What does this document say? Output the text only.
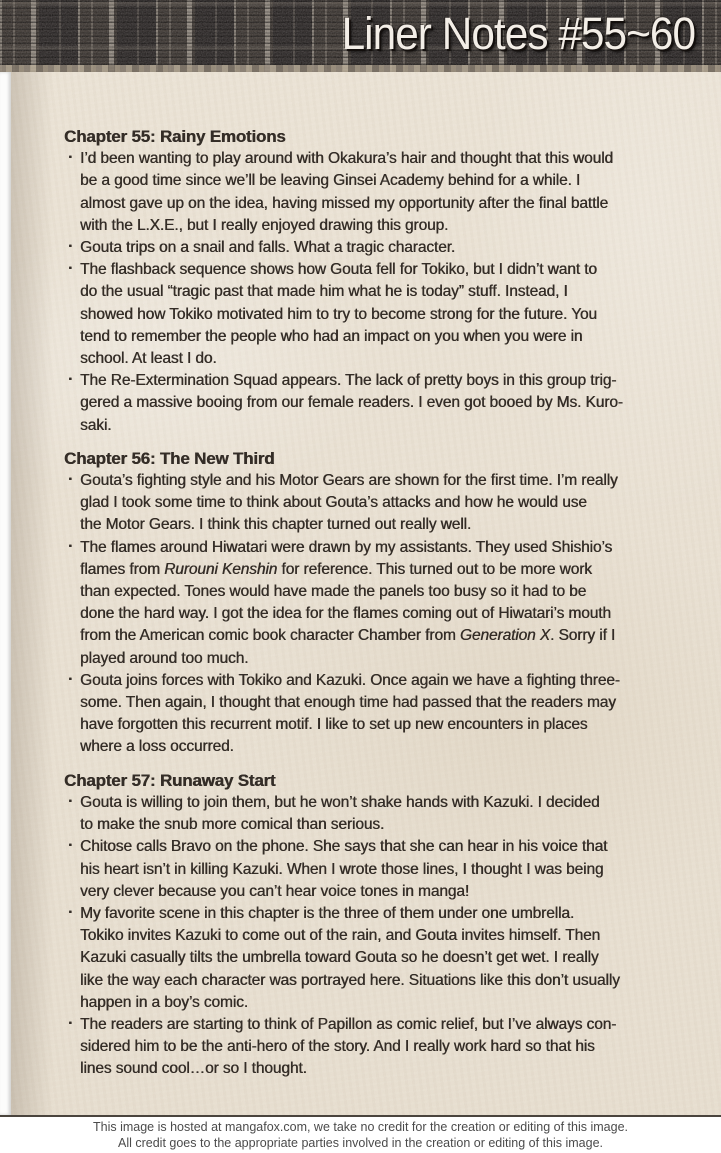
Liner Notes #55~60
Chapter 55: Rainy Emotions
· I’d been wanting to play around with Okakura’s hair and thought that this would
be a good time since we’ll be leaving Ginsei Academy behind for a while. I
almost gave up on the idea, having missed my opportunity after the final battle
with the L.X.E., but I really enjoyed drawing this group.
· Gouta trips on a snail and falls. What a tragic character.
· The flashback sequence shows how Gouta fell for Tokiko, but I didn’t want to
do the usual “tragic past that made him what he is today” stuff. Instead, I
showed how Tokiko motivated him to try to become strong for the future. You
tend to remember the people who had an impact on you when you were in
school. At least I do.
· The Re-Extermination Squad appears. The lack of pretty boys in this group trig-
gered a massive booing from our female readers. I even got booed by Ms. Kuro-
saki.
Chapter 56: The New Third
· Gouta’s fighting style and his Motor Gears are shown for the first time. I’m really
glad I took some time to think about Gouta’s attacks and how he would use
the Motor Gears. I think this chapter turned out really well.
· The flames around Hiwatari were drawn by my assistants. They used Shishio’s
flames from Rurouni Kenshin for reference. This turned out to be more work
than expected. Tones would have made the panels too busy so it had to be
done the hard way. I got the idea for the flames coming out of Hiwatari’s mouth
from the American comic book character Chamber from Generation X. Sorry if I
played around too much.
· Gouta joins forces with Tokiko and Kazuki. Once again we have a fighting three-
some. Then again, I thought that enough time had passed that the readers may
have forgotten this recurrent motif. I like to set up new encounters in places
where a loss occurred.
Chapter 57: Runaway Start
· Gouta is willing to join them, but he won’t shake hands with Kazuki. I decided
to make the snub more comical than serious.
· Chitose calls Bravo on the phone. She says that she can hear in his voice that
his heart isn’t in killing Kazuki. When I wrote those lines, I thought I was being
very clever because you can’t hear voice tones in manga!
· My favorite scene in this chapter is the three of them under one umbrella.
Tokiko invites Kazuki to come out of the rain, and Gouta invites himself. Then
Kazuki casually tilts the umbrella toward Gouta so he doesn’t get wet. I really
like the way each character was portrayed here. Situations like this don’t usually
happen in a boy’s comic.
· The readers are starting to think of Papillon as comic relief, but I’ve always con-
sidered him to be the anti-hero of the story. And I really work hard so that his
lines sound cool…or so I thought.
This image is hosted at mangafox.com, we take no credit for the creation or editing of this image.
All credit goes to the appropriate parties involved in the creation or editing of this image.
